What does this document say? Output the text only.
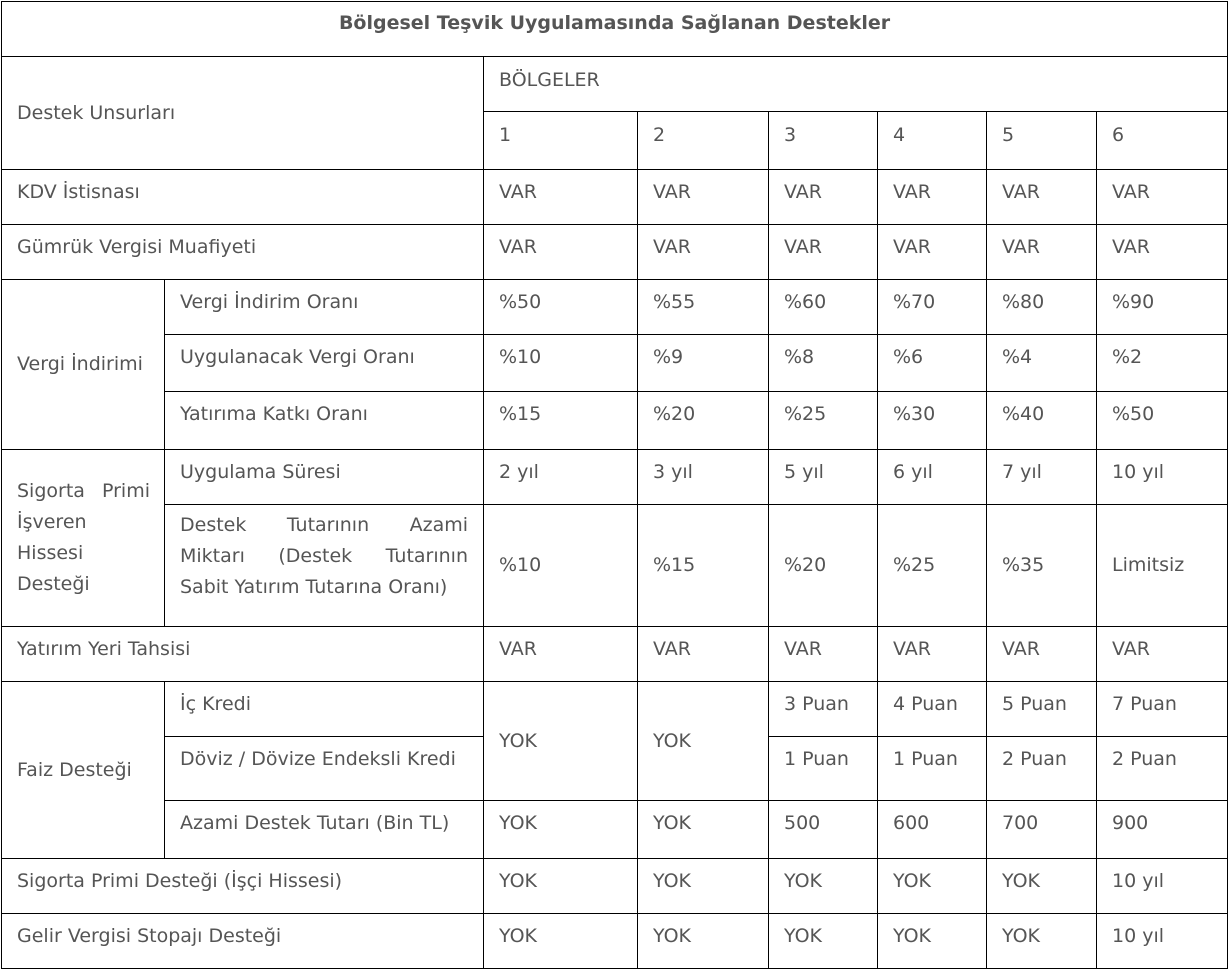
Bölgesel Teşvik Uygulamasında Sağlanan Destekler							
Destek Unsurları		BÖLGELER					
		1	2	3	4	5	6
KDV İstisnası		VAR	VAR	VAR	VAR	VAR	VAR
Gümrük Vergisi Muafiyeti		VAR	VAR	VAR	VAR	VAR	VAR
Vergi İndirimi	Vergi İndirim Oranı	%50	%55	%60	%70	%80	%90
	Uygulanacak Vergi Oranı	%10	%9	%8	%6	%4	%2
	Yatırıma Katkı Oranı	%15	%20	%25	%30	%40	%50

Sigorta Primi
İşveren
Hissesi
Desteği	Uygulama Süresi	2 yıl	3 yıl	5 yıl	6 yıl	7 yıl	10 yıl

	Destek Tutarının Azami
Miktarı (Destek Tutarının
Sabit Yatırım Tutarına Oranı)	%10	%15	%20	%25	%35	Limitsiz
Yatırım Yeri Tahsisi		VAR	VAR	VAR	VAR	VAR	VAR
Faiz Desteği	İç Kredi	YOK	YOK	3 Puan	4 Puan	5 Puan	7 Puan
	Döviz / Dövize Endeksli Kredi			1 Puan	1 Puan	2 Puan	2 Puan
	Azami Destek Tutarı (Bin TL)	YOK	YOK	500	600	700	900
Sigorta Primi Desteği (İşçi Hissesi)		YOK	YOK	YOK	YOK	YOK	10 yıl
Gelir Vergisi Stopajı Desteği		YOK	YOK	YOK	YOK	YOK	10 yıl
